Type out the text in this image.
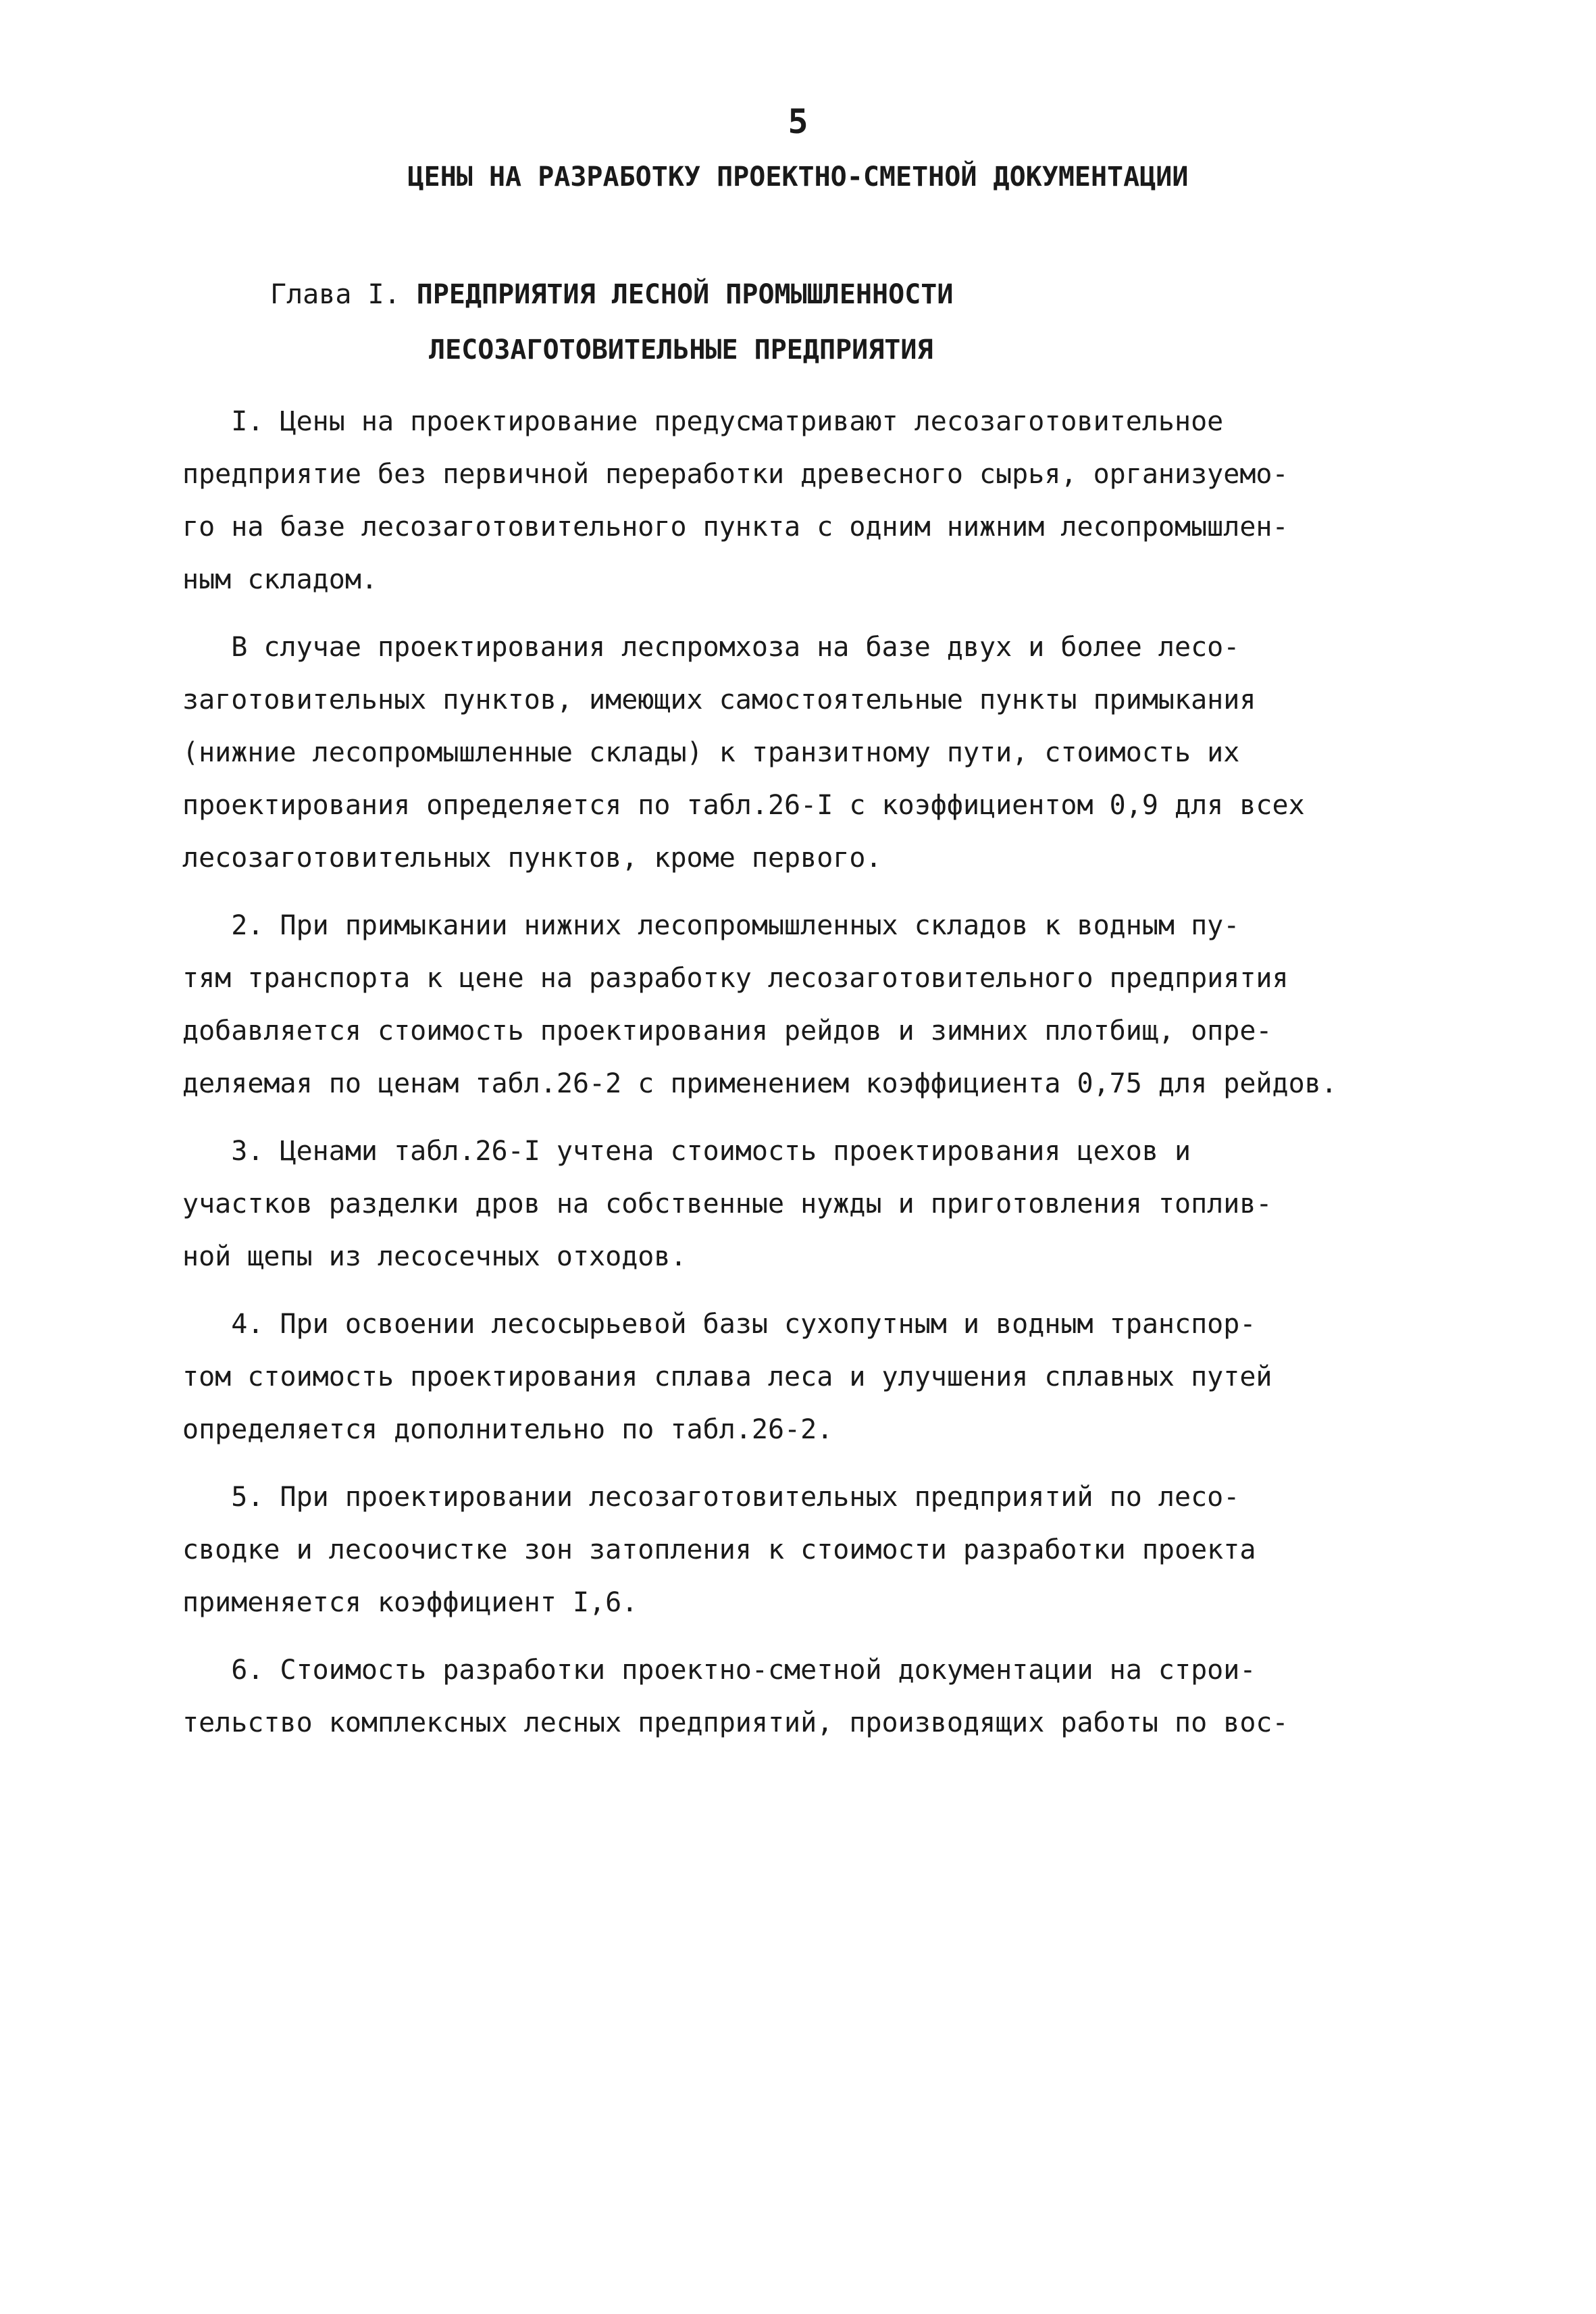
5
ЦЕНЫ НА РАЗРАБОТКУ ПРОЕКТНО-СМЕТНОЙ ДОКУМЕНТАЦИИ
Глава I. ПРЕДПРИЯТИЯ ЛЕСНОЙ ПРОМЫШЛЕННОСТИ
ЛЕСОЗАГОТОВИТЕЛЬНЫЕ ПРЕДПРИЯТИЯ
I. Цены на проектирование предусматривают лесозаготовительное
предприятие без первичной переработки древесного сырья, организуемо-
го на базе лесозаготовительного пункта с одним нижним лесопромышлен-
ным складом.
В случае проектирования леспромхоза на базе двух и более лесо-
заготовительных пунктов, имеющих самостоятельные пункты примыкания
(нижние лесопромышленные склады) к транзитному пути, стоимость их
проектирования определяется по табл.26-I с коэффициентом 0,9 для всех
лесозаготовительных пунктов, кроме первого.
2. При примыкании нижних лесопромышленных складов к водным пу-
тям транспорта к цене на разработку лесозаготовительного предприятия
добавляется стоимость проектирования рейдов и зимних плотбищ, опре-
деляемая по ценам табл.26-2 с применением коэффициента 0,75 для рейдов.
3. Ценами табл.26-I учтена стоимость проектирования цехов и
участков разделки дров на собственные нужды и приготовления топлив-
ной щепы из лесосечных отходов.
4. При освоении лесосырьевой базы сухопутным и водным транспор-
том стоимость проектирования сплава леса и улучшения сплавных путей
определяется дополнительно по табл.26-2.
5. При проектировании лесозаготовительных предприятий по лесо-
сводке и лесоочистке зон затопления к стоимости разработки проекта
применяется коэффициент I,6.
6. Стоимость разработки проектно-сметной документации на строи-
тельство комплексных лесных предприятий, производящих работы по вос-
